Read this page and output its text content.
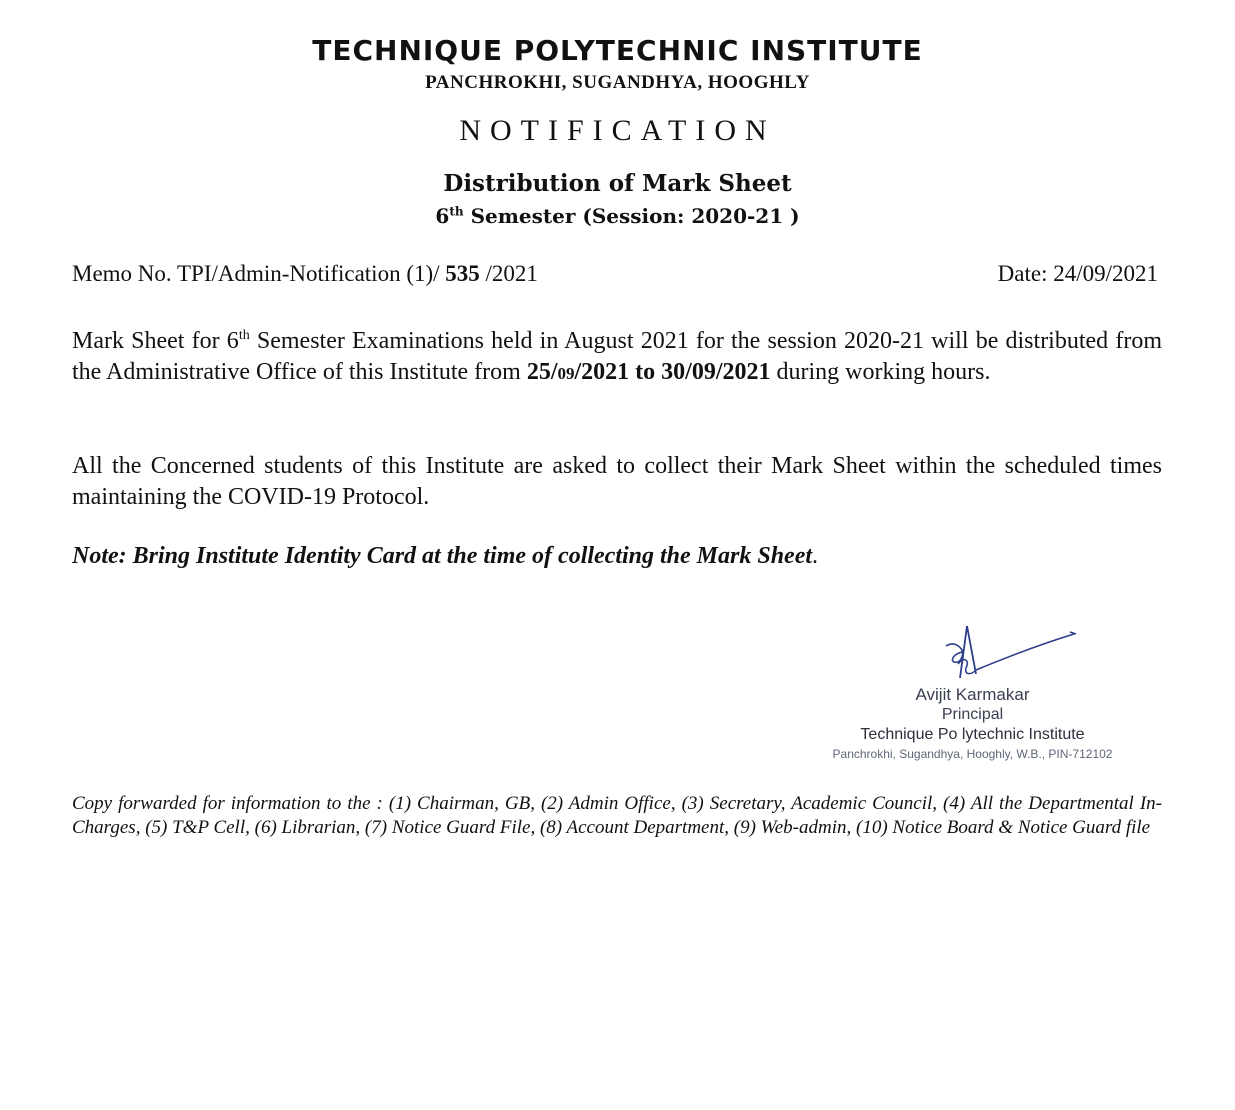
TECHNIQUE POLYTECHNIC INSTITUTE
PANCHROKHI, SUGANDHYA, HOOGHLY
NOTIFICATION
Distribution of Mark Sheet
6th Semester (Session: 2020-21 )
Memo No. TPI/Admin-Notification (1)/ 535 /2021	Date: 24/09/2021
Mark Sheet for 6th Semester Examinations held in August 2021 for the session 2020-21 will be distributed from the Administrative Office of this Institute from 25/09/2021 to 30/09/2021 during working hours.
All the Concerned students of this Institute are asked to collect their Mark Sheet within the scheduled times maintaining the COVID-19 Protocol.
Note: Bring Institute Identity Card at the time of collecting the Mark Sheet.
Avijit Karmakar
Principal
Technique Po lytechnic Institute
Panchrokhi, Sugandhya, Hooghly, W.B., PIN-712102
Copy forwarded for information to the : (1) Chairman, GB, (2) Admin Office, (3) Secretary, Academic Council, (4) All the Departmental In-Charges, (5) T&P Cell, (6) Librarian, (7) Notice Guard File, (8) Account Department, (9) Web-admin, (10) Notice Board & Notice Guard file
